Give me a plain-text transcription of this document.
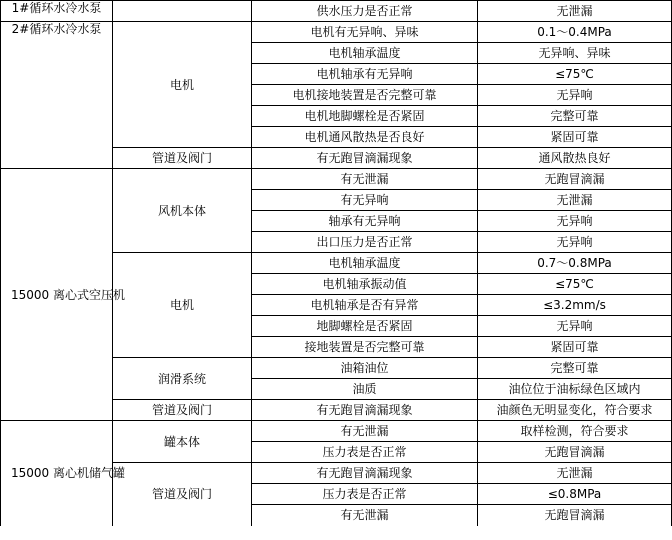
1#循环水冷水泵		供水压力是否正常	无泄漏
2#循环水冷水泵	电机	电机有无异响、异味	0.1～0.4MPa
		电机轴承温度	无异响、异味
		电机轴承有无异响	≤75℃
		电机接地装置是否完整可靠	无异响
		电机地脚螺栓是否紧固	完整可靠
		电机通风散热是否良好	紧固可靠
	管道及阀门	有无跑冒滴漏现象	通风散热良好
15000 离心式空压机	风机本体	有无泄漏	无跑冒滴漏
		有无异响	无泄漏
		轴承有无异响	无异响
		出口压力是否正常	无异响
	电机	电机轴承温度	0.7～0.8MPa
		电机轴承振动值	≤75℃
		电机轴承是否有异常	≤3.2mm/s
		地脚螺栓是否紧固	无异响
		接地装置是否完整可靠	紧固可靠
	润滑系统	油箱油位	完整可靠
		油质	油位位于油标绿色区域内
	管道及阀门	有无跑冒滴漏现象	油颜色无明显变化，符合要求
15000 离心机储气罐	罐本体	有无泄漏	取样检测，符合要求
		压力表是否正常	无跑冒滴漏
	管道及阀门	有无跑冒滴漏现象	无泄漏
		压力表是否正常	≤0.8MPa
		有无泄漏	无跑冒滴漏
